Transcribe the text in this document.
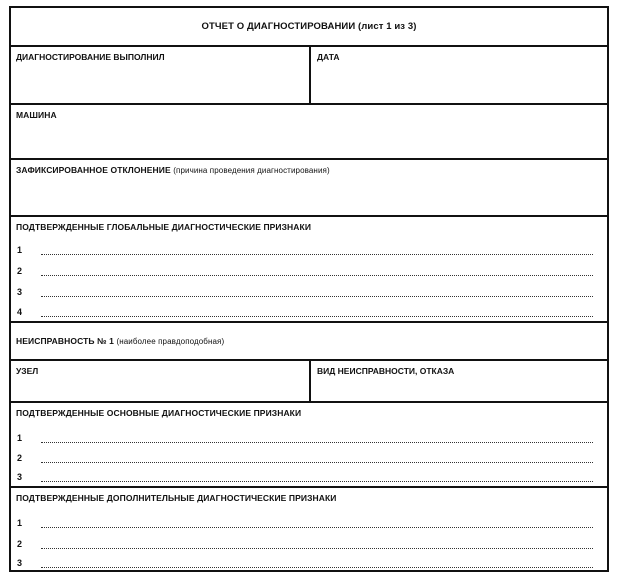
ОТЧЕТ О ДИАГНОСТИРОВАНИИ (лист 1 из 3)
ДИАГНОСТИРОВАНИЕ ВЫПОЛНИЛ	ДАТА
МАШИНА
ЗАФИКСИРОВАННОЕ ОТКЛОНЕНИЕ (причина проведения диагностирования)
ПОДТВЕРЖДЕННЫЕ ГЛОБАЛЬНЫЕ ДИАГНОСТИЧЕСКИЕ ПРИЗНАКИ
1
2
3
4
НЕИСПРАВНОСТЬ № 1 (наиболее правдоподобная)
УЗЕЛ	ВИД НЕИСПРАВНОСТИ, ОТКАЗА
ПОДТВЕРЖДЕННЫЕ ОСНОВНЫЕ ДИАГНОСТИЧЕСКИЕ ПРИЗНАКИ
1
2
3
ПОДТВЕРЖДЕННЫЕ ДОПОЛНИТЕЛЬНЫЕ ДИАГНОСТИЧЕСКИЕ ПРИЗНАКИ
1
2
3
